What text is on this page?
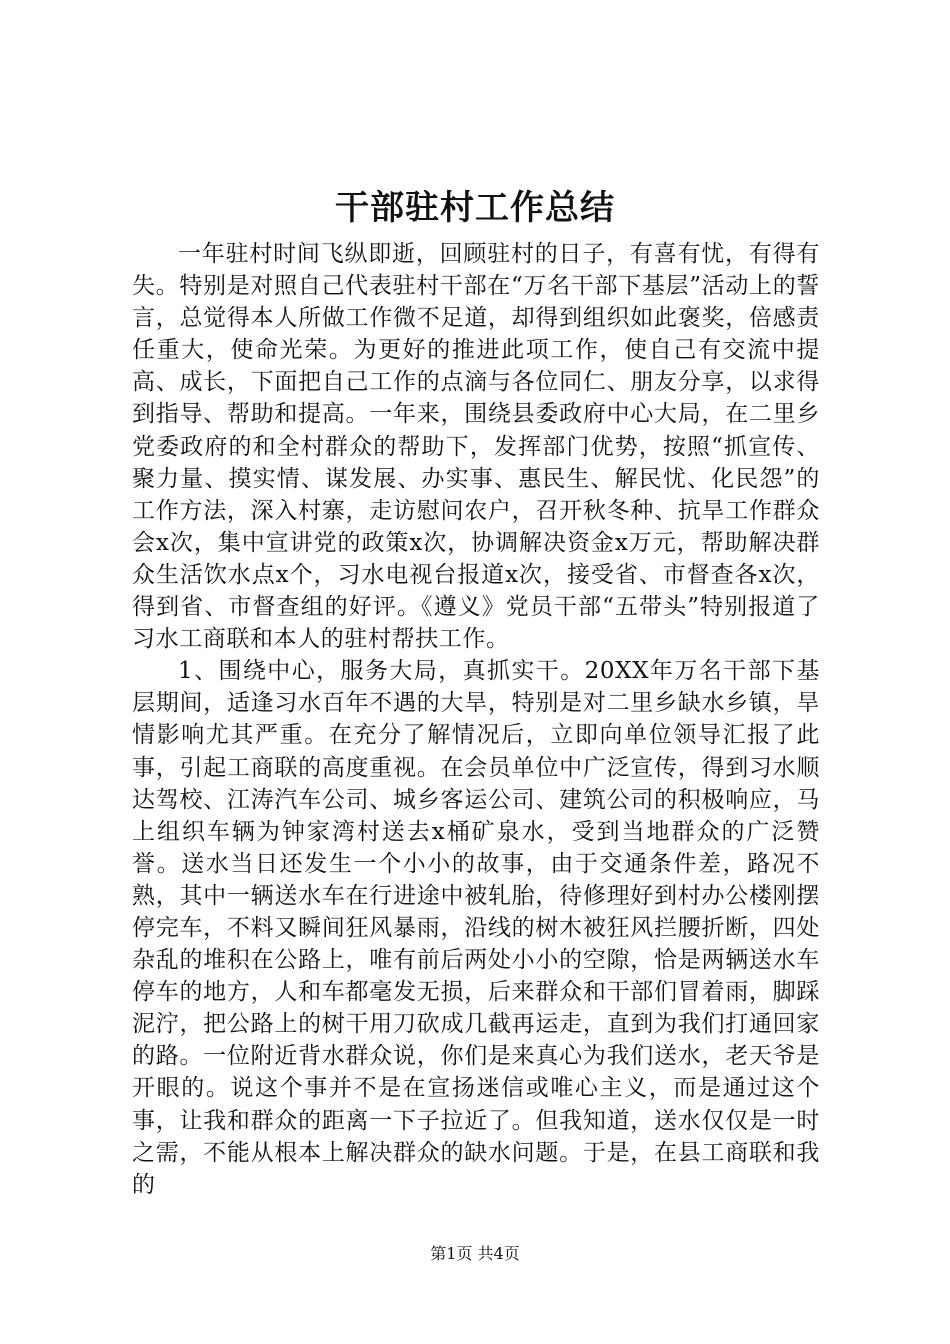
干部驻村工作总结

一年驻村时间飞纵即逝，回顾驻村的日子，有喜有忧，有得有失。特别是对照自己代表驻村干部在“万名干部下基层”活动上的誓言，总觉得本人所做工作微不足道，却得到组织如此褒奖，倍感责任重大，使命光荣。为更好的推进此项工作，使自己有交流中提高、成长，下面把自己工作的点滴与各位同仁、朋友分享，以求得到指导、帮助和提高。一年来，围绕县委政府中心大局，在二里乡党委政府的和全村群众的帮助下，发挥部门优势，按照“抓宣传、聚力量、摸实情、谋发展、办实事、惠民生、解民忧、化民怨”的工作方法，深入村寨，走访慰问农户，召开秋冬种、抗旱工作群众会x次，集中宣讲党的政策x次，协调解决资金x万元，帮助解决群众生活饮水点x个，习水电视台报道x次，接受省、市督查各x次，得到省、市督查组的好评。《遵义》党员干部“五带头”特别报道了习水工商联和本人的驻村帮扶工作。

1、围绕中心，服务大局，真抓实干。20XX年万名干部下基层期间，适逢习水百年不遇的大旱，特别是对二里乡缺水乡镇，旱情影响尤其严重。在充分了解情况后，立即向单位领导汇报了此事，引起工商联的高度重视。在会员单位中广泛宣传，得到习水顺达驾校、江涛汽车公司、城乡客运公司、建筑公司的积极响应，马上组织车辆为钟家湾村送去x桶矿泉水，受到当地群众的广泛赞誉。送水当日还发生一个小小的故事，由于交通条件差，路况不熟，其中一辆送水车在行进途中被轧胎，待修理好到村办公楼刚摆停完车，不料又瞬间狂风暴雨，沿线的树木被狂风拦腰折断，四处杂乱的堆积在公路上，唯有前后两处小小的空隙，恰是两辆送水车停车的地方，人和车都毫发无损，后来群众和干部们冒着雨，脚踩泥泞，把公路上的树干用刀砍成几截再运走，直到为我们打通回家的路。一位附近背水群众说，你们是来真心为我们送水，老天爷是开眼的。说这个事并不是在宣扬迷信或唯心主义，而是通过这个事，让我和群众的距离一下子拉近了。但我知道，送水仅仅是一时之需，不能从根本上解决群众的缺水问题。于是，在县工商联和我的

第1页 共4页
